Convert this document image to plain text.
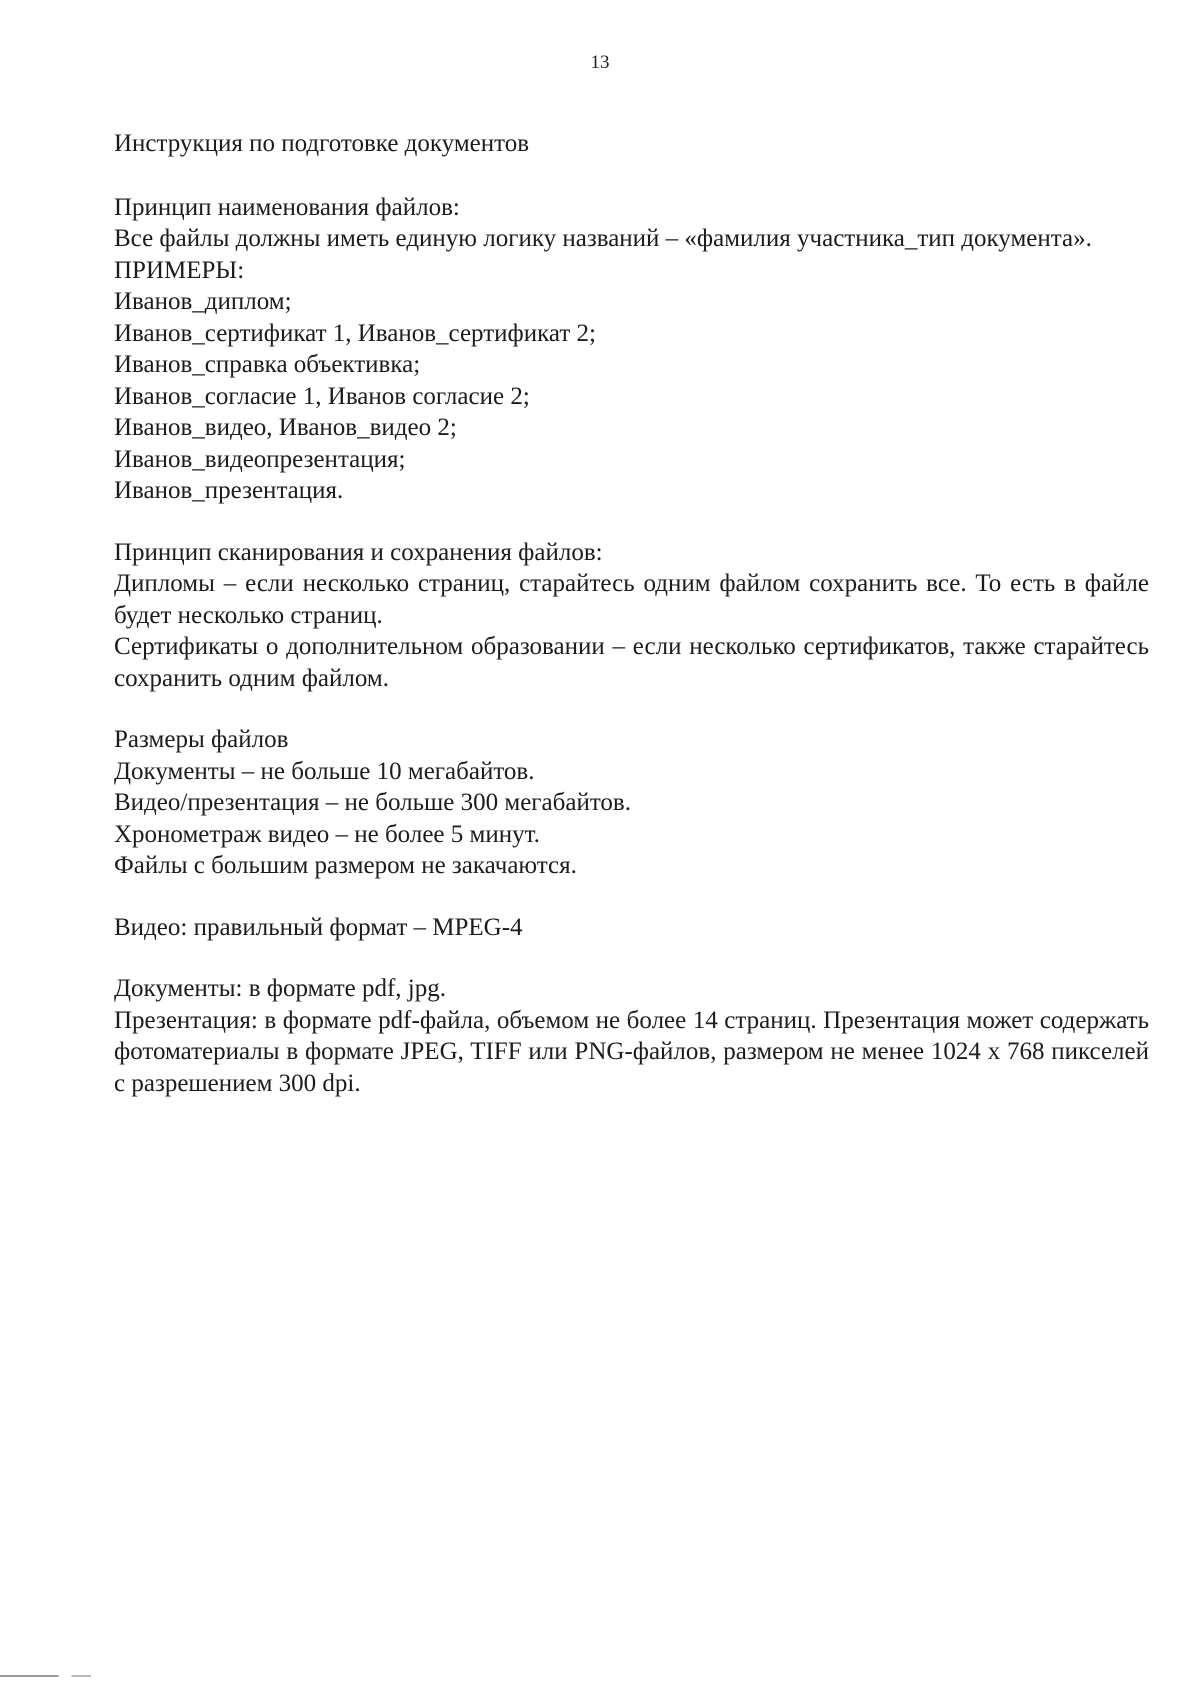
13
Инструкция по подготовке документов
Принцип наименования файлов:

Все файлы должны иметь единую логику названий – «фамилия участника_тип документа».

ПРИМЕРЫ:
Иванов_диплом;
Иванов_сертификат 1, Иванов_сертификат 2;
Иванов_справка объективка;
Иванов_согласие 1, Иванов согласие 2;
Иванов_видео, Иванов_видео 2;
Иванов_видеопрезентация;
Иванов_презентация.
Принцип сканирования и сохранения файлов:

Дипломы – если несколько страниц, старайтесь одним файлом сохранить все. То есть в файле будет несколько страниц.

Сертификаты о дополнительном образовании – если несколько сертификатов, также старайтесь сохранить одним файлом.

Размеры файлов
Документы – не больше 10 мегабайтов.
Видео/презентация – не больше 300 мегабайтов.
Хронометраж видео – не более 5 минут.
Файлы с большим размером не закачаются.
Видео: правильный формат – MPEG-4
Документы: в формате pdf, jpg.

Презентация: в формате pdf-файла, объемом не более 14 страниц. Презентация может содержать фотоматериалы в формате JPEG, TIFF или PNG-файлов, размером не менее 1024 х 768 пикселей с разрешением 300 dpi.
